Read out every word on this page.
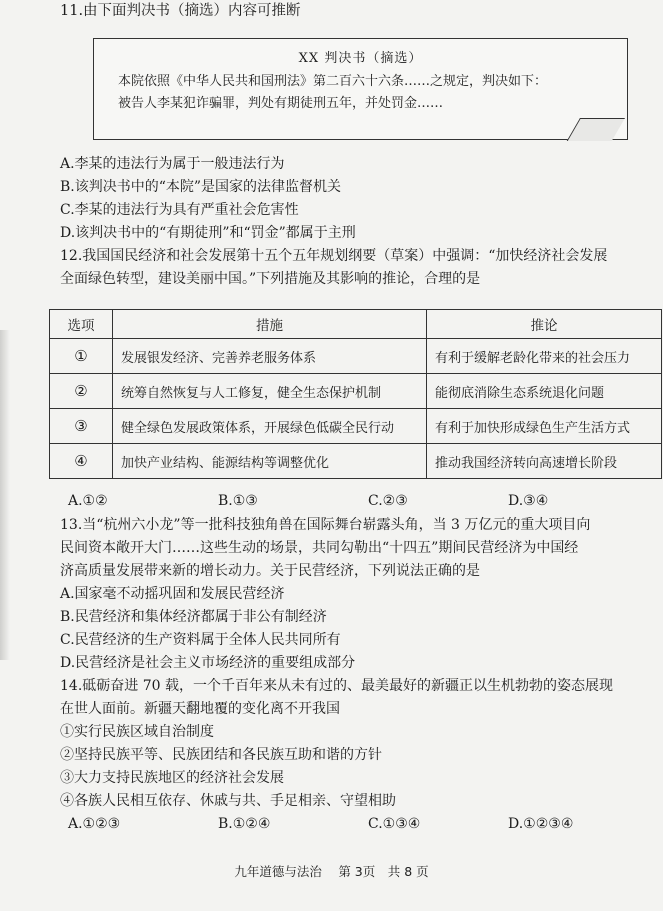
11.由下面判决书（摘选）内容可推断
XX 判决书（摘选）
本院依照《中华人民共和国刑法》第二百六十六条……之规定，判决如下：
被告人李某犯诈骗罪，判处有期徒刑五年，并处罚金……
A.李某的违法行为属于一般违法行为
B.该判决书中的“本院”是国家的法律监督机关
C.李某的违法行为具有严重社会危害性
D.该判决书中的“有期徒刑”和“罚金”都属于主刑
12.我国国民经济和社会发展第十五个五年规划纲要（草案）中强调：“加快经济社会发展
全面绿色转型，建设美丽中国。”下列措施及其影响的推论，合理的是
选项	措施	推论
①	发展银发经济、完善养老服务体系	有利于缓解老龄化带来的社会压力
②	统筹自然恢复与人工修复，健全生态保护机制	能彻底消除生态系统退化问题
③	健全绿色发展政策体系，开展绿色低碳全民行动	有利于加快形成绿色生产生活方式
④	加快产业结构、能源结构等调整优化	推动我国经济转向高速增长阶段
A.①②	B.①③	C.②③	D.③④
13.当“杭州六小龙”等一批科技独角兽在国际舞台崭露头角，当 3 万亿元的重大项目向
民间资本敞开大门……这些生动的场景，共同勾勒出“十四五”期间民营经济为中国经
济高质量发展带来新的增长动力。关于民营经济，下列说法正确的是
A.国家毫不动摇巩固和发展民营经济
B.民营经济和集体经济都属于非公有制经济
C.民营经济的生产资料属于全体人民共同所有
D.民营经济是社会主义市场经济的重要组成部分
14.砥砺奋进 70 载，一个千百年来从未有过的、最美最好的新疆正以生机勃勃的姿态展现
在世人面前。新疆天翻地覆的变化离不开我国
①实行民族区域自治制度
②坚持民族平等、民族团结和各民族互助和谐的方针
③大力支持民族地区的经济社会发展
④各族人民相互依存、休戚与共、手足相亲、守望相助
A.①②③	B.①②④	C.①③④	D.①②③④
九年道德与法治　 第 3页　共 8 页
